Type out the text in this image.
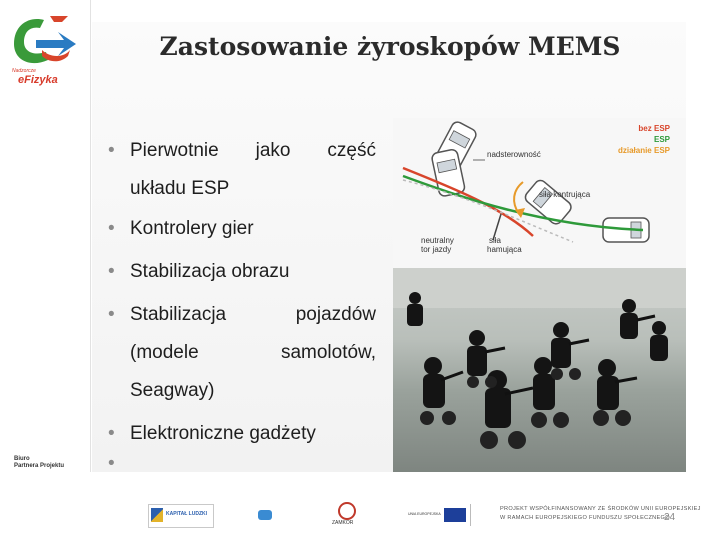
Nadzorcze
eFizyka
Biuro
Partnera Projektu
Zastosowanie żyroskopów MEMS
• Pierwotnie jako część
układu ESP
• Kontrolery gier
• Stabilizacja obrazu
• Stabilizacja	pojazdów
(modele	samolotów,
Seagway)
• Elektroniczne gadżety
•
nadsterowność
siła kontrująca
neutralny
tor jazdy
siła
hamująca
bez ESP
ESP
działanie ESP
KAPITAŁ LUDZKI
ZAMKOR
UNIA EUROPEJSKA
PROJEKT WSPÓŁFINANSOWANY ZE ŚRODKÓW UNII EUROPEJSKIEJ
W RAMACH EUROPEJSKIEGO FUNDUSZU SPOŁECZNEGO
24
